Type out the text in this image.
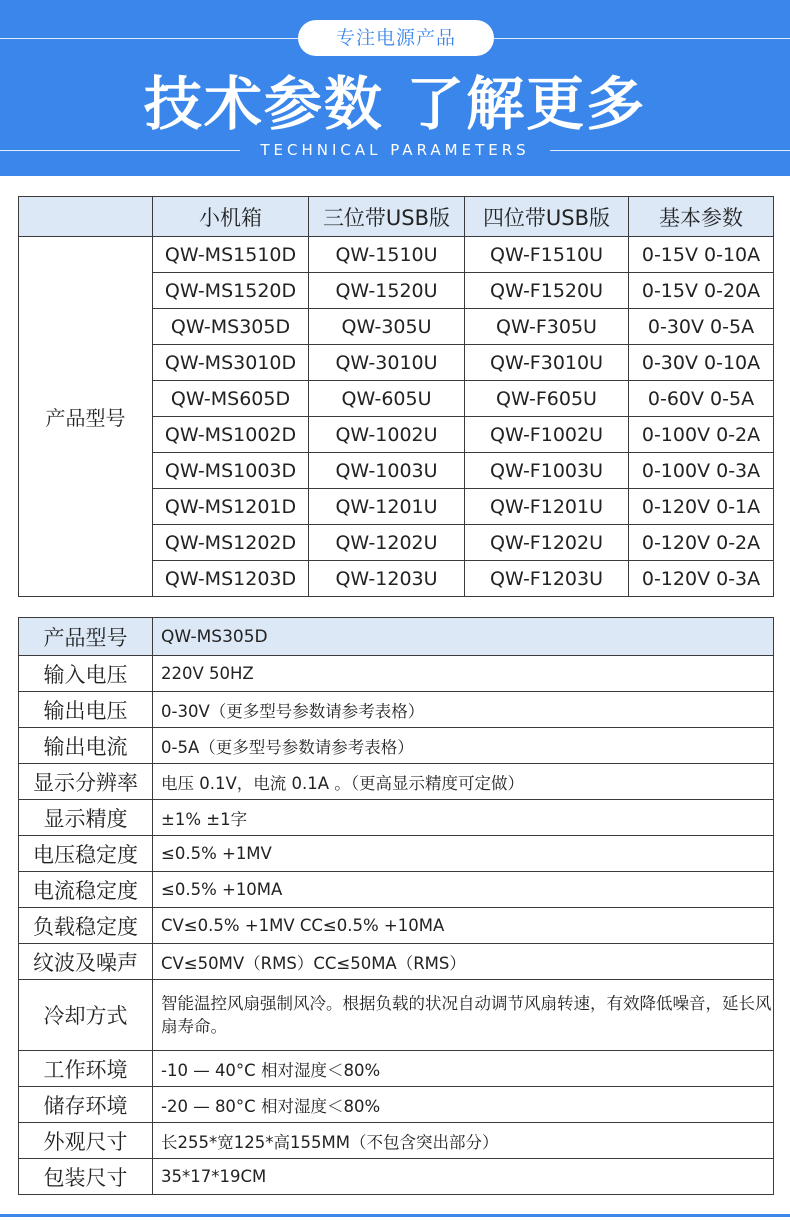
专注电源产品
技术参数 了解更多
TECHNICAL PARAMETERS
	小机箱	三位带USB版	四位带USB版	基本参数
产品型号	QW-MS1510D	QW-1510U	QW-F1510U	0-15V 0-10A
	QW-MS1520D	QW-1520U	QW-F1520U	0-15V 0-20A
	QW-MS305D	QW-305U	QW-F305U	0-30V 0-5A
	QW-MS3010D	QW-3010U	QW-F3010U	0-30V 0-10A
	QW-MS605D	QW-605U	QW-F605U	0-60V 0-5A
	QW-MS1002D	QW-1002U	QW-F1002U	0-100V 0-2A
	QW-MS1003D	QW-1003U	QW-F1003U	0-100V 0-3A
	QW-MS1201D	QW-1201U	QW-F1201U	0-120V 0-1A
	QW-MS1202D	QW-1202U	QW-F1202U	0-120V 0-2A
	QW-MS1203D	QW-1203U	QW-F1203U	0-120V 0-3A
产品型号	QW-MS305D
输入电压	220V 50HZ
输出电压	0-30V（更多型号参数请参考表格）
输出电流	0-5A（更多型号参数请参考表格）
显示分辨率	电压 0.1V，电流 0.1A 。（更高显示精度可定做）
显示精度	±1% ±1字
电压稳定度	≤0.5% +1MV
电流稳定度	≤0.5% +10MA
负载稳定度	CV≤0.5% +1MV CC≤0.5% +10MA
纹波及噪声	CV≤50MV（RMS）CC≤50MA（RMS）
冷却方式	智能温控风扇强制风冷。根据负载的状况自动调节风扇转速，有效降低噪音，延长风扇寿命。
工作环境	-10 — 40°C 相对湿度＜80%
储存环境	-20 — 80°C 相对湿度＜80%
外观尺寸	长255*宽125*高155MM（不包含突出部分）
包装尺寸	35*17*19CM
